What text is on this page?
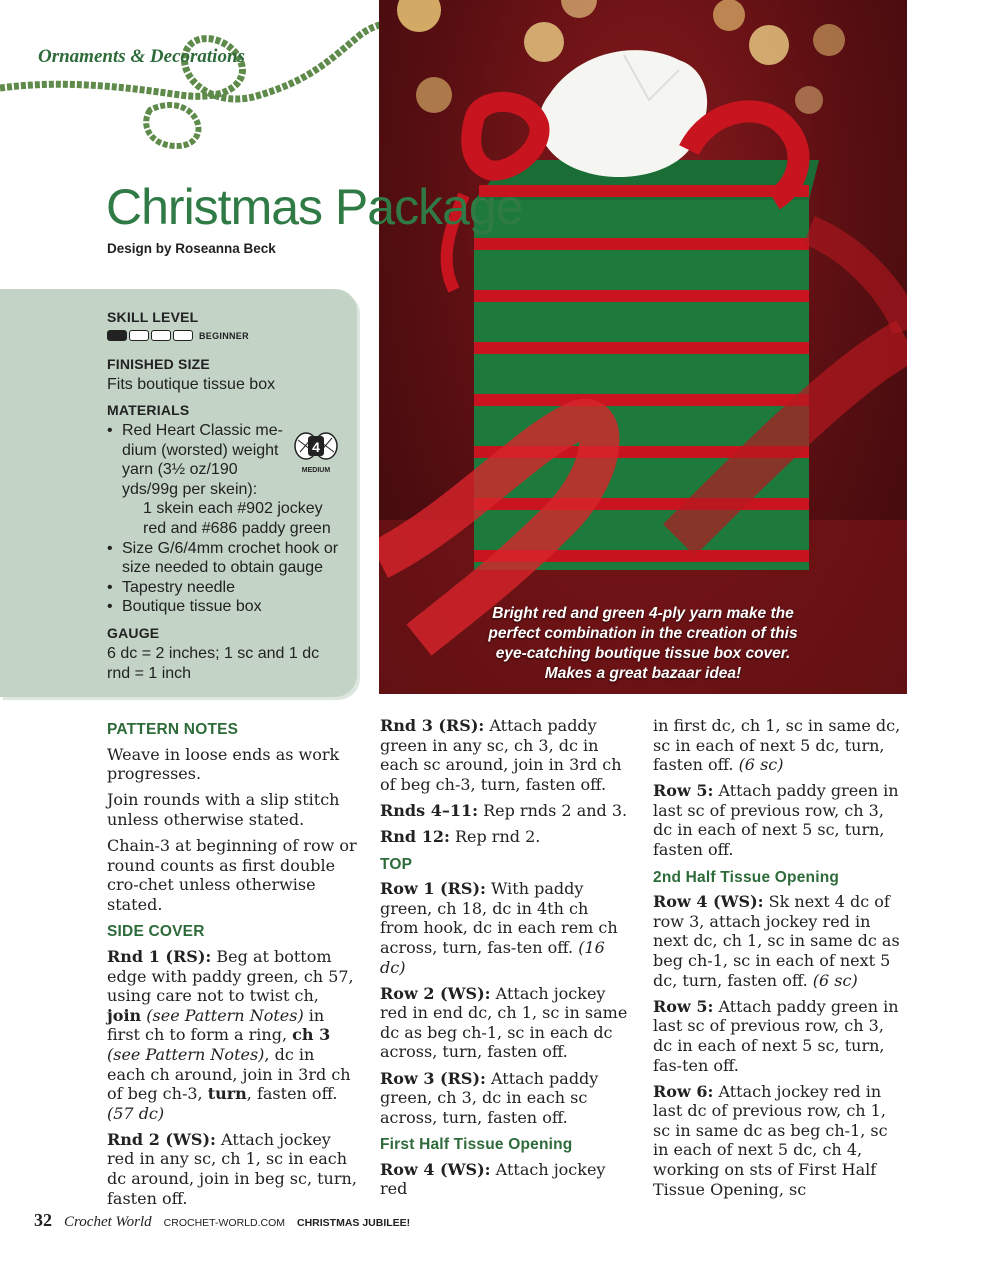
Ornaments & Decorations
Bright red and green 4-ply yarn make the
perfect combination in the creation of this
eye-catching boutique tissue box cover.
Makes a great bazaar idea!
Christmas Package
Design by Roseanna Beck
SKILL LEVEL
BEGINNER
FINISHED SIZE
Fits boutique tissue box
MATERIALS
• Red Heart Classic me-dium (worsted) weight yarn (3½ oz/190 yds/99g per skein):
1 skein each #902 jockey red and #686 paddy green
• Size G/6/4mm crochet hook or size needed to obtain gauge
• Tapestry needle
• Boutique tissue box
4
MEDIUM
GAUGE
6 dc = 2 inches; 1 sc and 1 dc rnd = 1 inch
PATTERN NOTES

Weave in loose ends as work progresses.

Join rounds with a slip stitch unless otherwise stated.

Chain-3 at beginning of row or round counts as first double cro-chet unless otherwise stated.

SIDE COVER

Rnd 1 (RS): Beg at bottom edge with paddy green, ch 57, using care not to twist ch, join (see Pattern Notes) in first ch to form a ring, ch 3 (see Pattern Notes), dc in each ch around, join in 3rd ch of beg ch-3, turn, fasten off. (57 dc)

Rnd 2 (WS): Attach jockey red in any sc, ch 1, sc in each dc around, join in beg sc, turn, fasten off.

Rnd 3 (RS): Attach paddy green in any sc, ch 3, dc in each sc around, join in 3rd ch of beg ch-3, turn, fasten off.

Rnds 4–11: Rep rnds 2 and 3.

Rnd 12: Rep rnd 2.

TOP

Row 1 (RS): With paddy green, ch 18, dc in 4th ch from hook, dc in each rem ch across, turn, fas-ten off. (16 dc)

Row 2 (WS): Attach jockey red in end dc, ch 1, sc in same dc as beg ch-1, sc in each dc across, turn, fasten off.

Row 3 (RS): Attach paddy green, ch 3, dc in each sc across, turn, fasten off.

First Half Tissue Opening

Row 4 (WS): Attach jockey red

in first dc, ch 1, sc in same dc, sc in each of next 5 dc, turn, fasten off. (6 sc)

Row 5: Attach paddy green in last sc of previous row, ch 3, dc in each of next 5 sc, turn, fasten off.

2nd Half Tissue Opening

Row 4 (WS): Sk next 4 dc of row 3, attach jockey red in next dc, ch 1, sc in same dc as beg ch-1, sc in each of next 5 dc, turn, fasten off. (6 sc)

Row 5: Attach paddy green in last sc of previous row, ch 3, dc in each of next 5 sc, turn, fas-ten off.

Row 6: Attach jockey red in last dc of previous row, ch 1, sc in same dc as beg ch-1, sc in each of next 5 dc, ch 4, working on sts of First Half Tissue Opening, sc

32 Crochet World CROCHET-WORLD.COM CHRISTMAS JUBILEE!
